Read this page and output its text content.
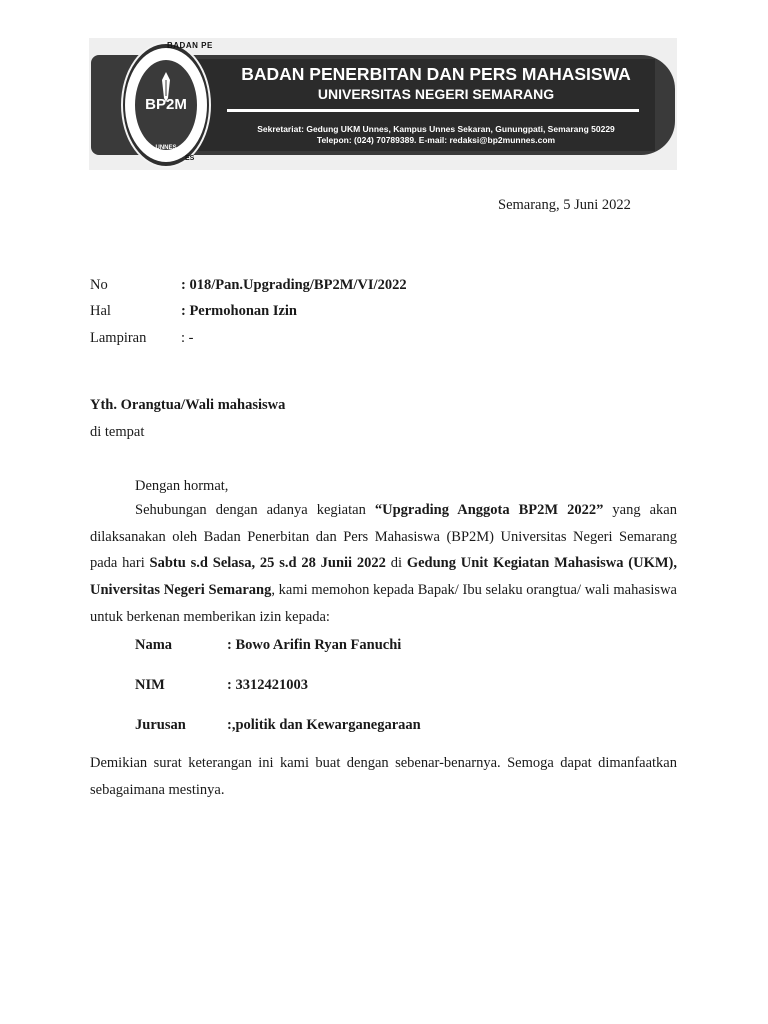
BADAN PE
ES
BP2M
UNNES
BADAN PENERBITAN DAN PERS MAHASISWA
UNIVERSITAS NEGERI SEMARANG
Sekretariat: Gedung UKM Unnes, Kampus Unnes Sekaran, Gunungpati, Semarang 50229
Telepon: (024) 70789389. E-mail: redaksi@bp2munnes.com
Semarang, 5 Juni 2022
No	: 018/Pan.Upgrading/BP2M/VI/2022
Hal	: Permohonan Izin
Lampiran : -
Yth. Orangtua/Wali mahasiswa
di tempat
Dengan hormat,
Sehubungan dengan adanya kegiatan “Upgrading Anggota BP2M 2022” yang akan dilaksanakan oleh Badan Penerbitan dan Pers Mahasiswa (BP2M) Universitas Negeri Semarang pada hari Sabtu s.d Selasa, 25 s.d 28 Junii 2022 di Gedung Unit Kegiatan Mahasiswa (UKM), Universitas Negeri Semarang, kami memohon kepada Bapak/ Ibu selaku orangtua/ wali mahasiswa untuk berkenan memberikan izin kepada:
Nama	: Bowo Arifin Ryan Fanuchi
NIM	: 3312421003
Jurusan	:,politik dan Kewarganegaraan
Demikian surat keterangan ini kami buat dengan sebenar-benarnya. Semoga dapat dimanfaatkan sebagaimana mestinya.
